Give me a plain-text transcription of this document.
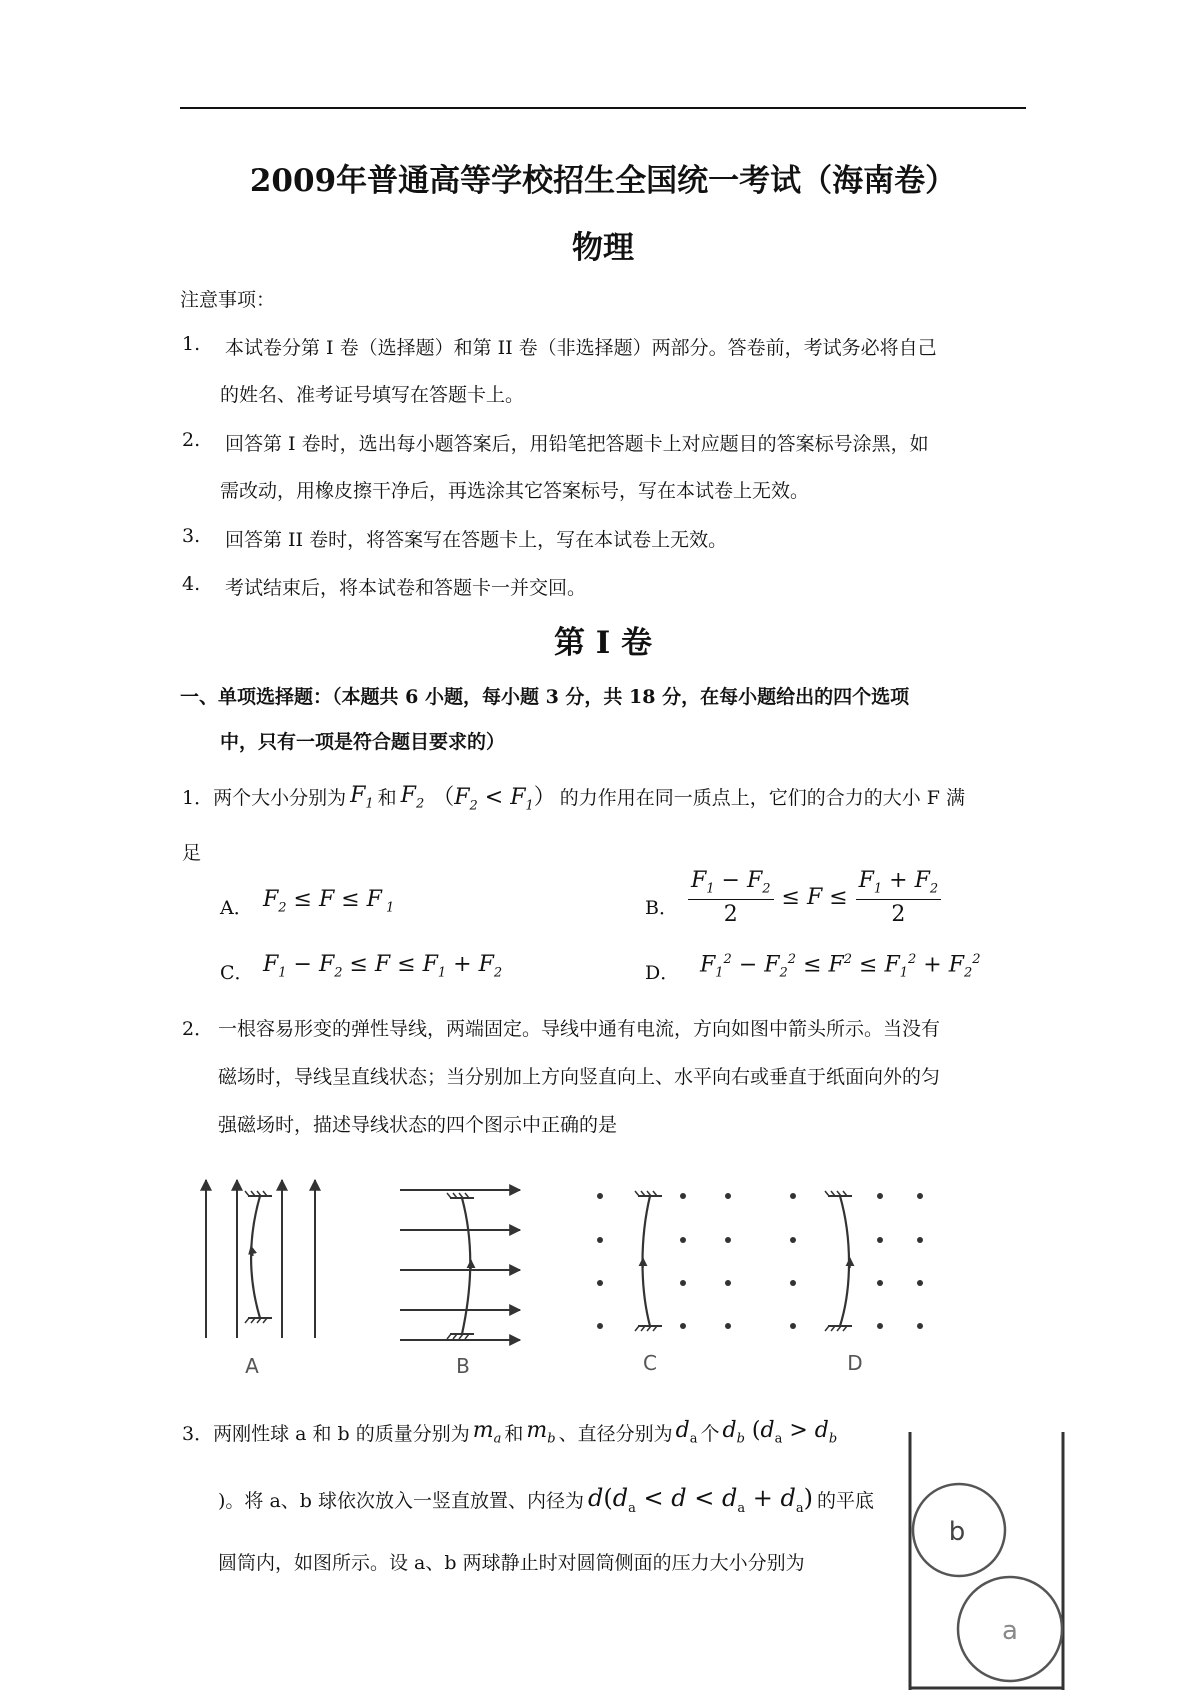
2009年普通高等学校招生全国统一考试（海南卷）
物理
注意事项：
1. 本试卷分第 I 卷（选择题）和第 II 卷（非选择题）两部分。答卷前，考试务必将自己
的姓名、准考证号填写在答题卡上。
2. 回答第 I 卷时，选出每小题答案后，用铅笔把答题卡上对应题目的答案标号涂黑，如
需改动，用橡皮擦干净后，再选涂其它答案标号，写在本试卷上无效。
3. 回答第 II 卷时，将答案写在答题卡上，写在本试卷上无效。
4. 考试结束后，将本试卷和答题卡一并交回。
第 I 卷
一、单项选择题：（本题共 6 小题，每小题 3 分，共 18 分，在每小题给出的四个选项
中，只有一项是符合题目要求的）
1． 两个大小分别为 $F_1$ 和 $F_2$ $(F_2 < F_1)$ 的力作用在同一质点上，它们的合力的大小 F 满
足
A． $F_2 \le F \le F$ $_1$	B． $\frac{F_1 - F_2}{2} \le F \le \frac{F_1 + F_2}{2}$
C． $F_1 - F_2 \le F \le F_1 + F_2$	D． $F_1^2 - F_2^2 \le F^2 \le F_1^2 + F_2^2$
2． 一根容易形变的弹性导线，两端固定。导线中通有电流，方向如图中箭头所示。当没有
磁场时，导线呈直线状态；当分别加上方向竖直向上、水平向右或垂直于纸面向外的匀
强磁场时，描述导线状态的四个图示中正确的是
A	B	C	D
3． 两刚性球 a 和 b 的质量分别为 $m_a$ 和 $m_b$ 、直径分别为 $d_a$ 个 $d_b$ ($d_a > d_b$
)。将 a、b 球依次放入一竖直放置、内径为 $d(d_a < d < d_a + d_a)$ 的平底
圆筒内，如图所示。设 a、b 两球静止时对圆筒侧面的压力大小分别为
b
a
